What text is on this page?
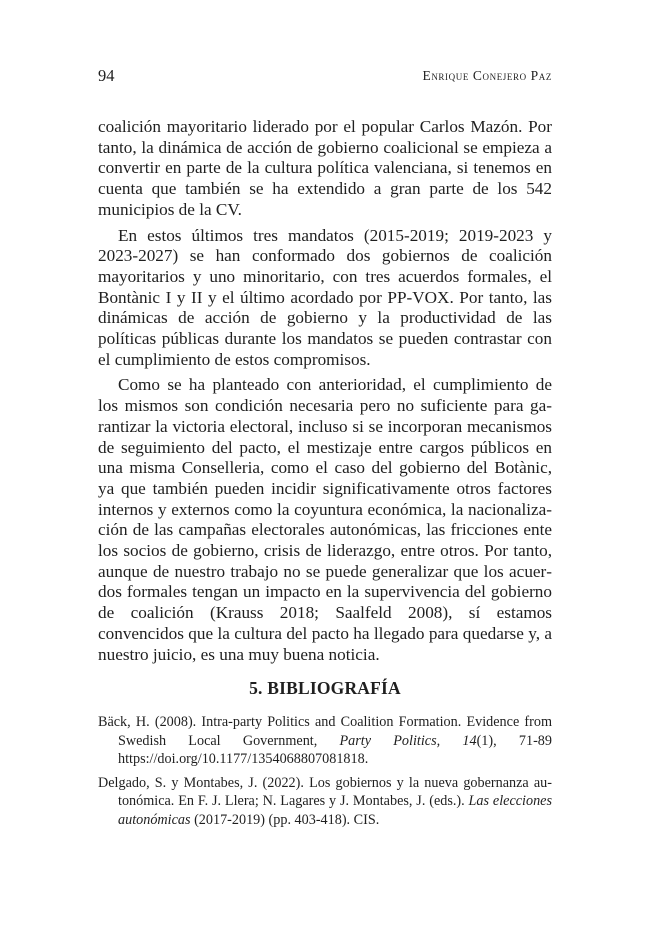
94	Enrique Conejero Paz

coalición mayoritario liderado por el popular Carlos Mazón. Por tanto, la dinámica de acción de gobierno coalicional se empieza a convertir en parte de la cultura política valenciana, si tenemos en cuenta que también se ha extendido a gran parte de los 542 municipios de la CV.

En estos últimos tres mandatos (2015-2019; 2019-2023 y 2023-2027) se han conformado dos gobiernos de coalición mayoritarios y uno minoritario, con tres acuerdos formales, el Bontànic I y II y el último acordado por PP-VOX. Por tanto, las dinámicas de acción de gobierno y la productividad de las políticas públicas durante los mandatos se pueden contrastar con el cumplimiento de estos compromisos.

Como se ha planteado con anterioridad, el cumplimiento de los mismos son condición necesaria pero no suficiente para garantizar la victoria electoral, incluso si se incorporan mecanismos de seguimiento del pacto, el mestizaje entre cargos públicos en una misma Conselleria, como el caso del gobierno del Botànic, ya que también pueden incidir significativamente otros factores internos y externos como la coyuntura económica, la nacionalización de las campañas electorales autonómicas, las fricciones ente los socios de gobierno, crisis de liderazgo, entre otros. Por tanto, aunque de nuestro trabajo no se puede generalizar que los acuerdos formales tengan un impacto en la supervivencia del gobierno de coalición (Krauss 2018; Saalfeld 2008), sí estamos convencidos que la cultura del pacto ha llegado para quedarse y, a nuestro juicio, es una muy buena noticia.

5. BIBLIOGRAFÍA

Bäck, H. (2008). Intra-party Politics and Coalition Formation. Evidence from Swedish Local Government, Party Politics, 14(1), 71-89 https://doi.org/10.1177/1354068807081818.

Delgado, S. y Montabes, J. (2022). Los gobiernos y la nueva gobernanza autonómica. En F. J. Llera; N. Lagares y J. Montabes, J. (eds.). Las elecciones autonómicas (2017-2019) (pp. 403-418). CIS.
